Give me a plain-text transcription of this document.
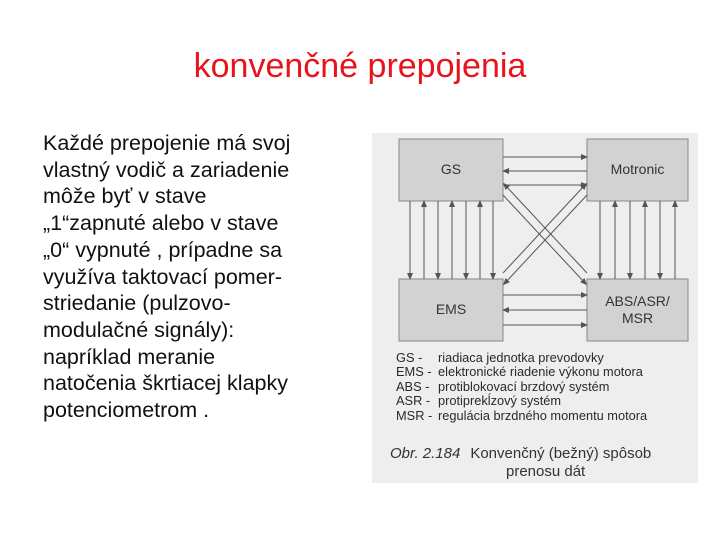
konvenčné prepojenia
Každé prepojenie má svoj
vlastný vodič a zariadenie
môže byť v stave
„1“zapnuté alebo v stave
„0“ vypnuté , prípadne sa
využíva taktovací pomer-
striedanie (pulzovo-
modulačné signály):
napríklad meranie
natočenia škrtiacej klapky
potenciometrom .
GS	Motronic
EMS	ABS/ASR/
MSR
GS - riadiaca jednotka prevodovky
EMS - elektronické riadenie výkonu motora
ABS - protiblokovací brzdový systém
ASR - protiprekĺzový systém
MSR - regulácia brzdného momentu motora
Obr. 2.184 Konvenčný (bežný) spôsob
prenosu dát
